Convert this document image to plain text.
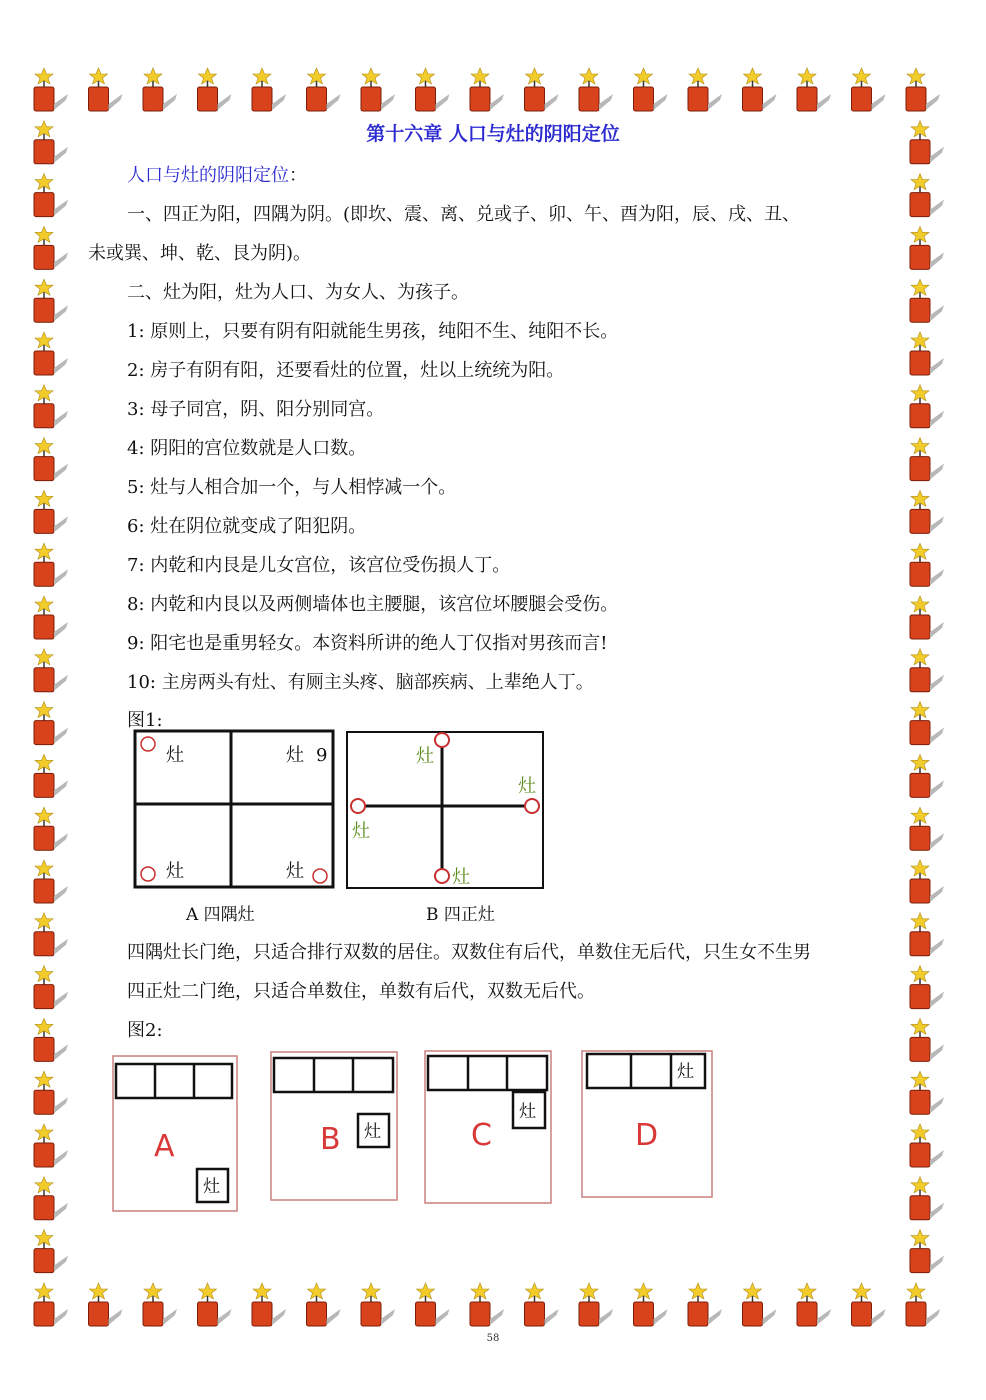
第十六章 人口与灶的阴阳定位
人口与灶的阴阳定位：
一、四正为阳，四隅为阴。(即坎、震、离、兑或子、卯、午、酉为阳，辰、戌、丑、
未或巽、坤、乾、艮为阴)。
二、灶为阳，灶为人口、为女人、为孩子。
1: 原则上，只要有阴有阳就能生男孩，纯阳不生、纯阳不长。
2: 房子有阴有阳，还要看灶的位置，灶以上统统为阳。
3: 母子同宫，阴、阳分别同宫。
4: 阴阳的宫位数就是人口数。
5: 灶与人相合加一个，与人相悖减一个。
6: 灶在阴位就变成了阳犯阴。
7: 内乾和内艮是儿女宫位，该宫位受伤损人丁。
8: 内乾和内艮以及两侧墙体也主腰腿，该宫位坏腰腿会受伤。
9: 阳宅也是重男轻女。本资料所讲的绝人丁仅指对男孩而言!
10: 主房两头有灶、有厕主头疼、脑部疾病、上辈绝人丁。
图1:
灶	灶 9
灶	灶
灶
灶
灶
灶
A 四隅灶	B 四正灶
四隅灶长门绝，只适合排行双数的居住。双数住有后代，单数住无后代，只生女不生男
四正灶二门绝，只适合单数住，单数有后代，双数无后代。
图2:
A
灶
B 灶
灶
C
灶
D
58
